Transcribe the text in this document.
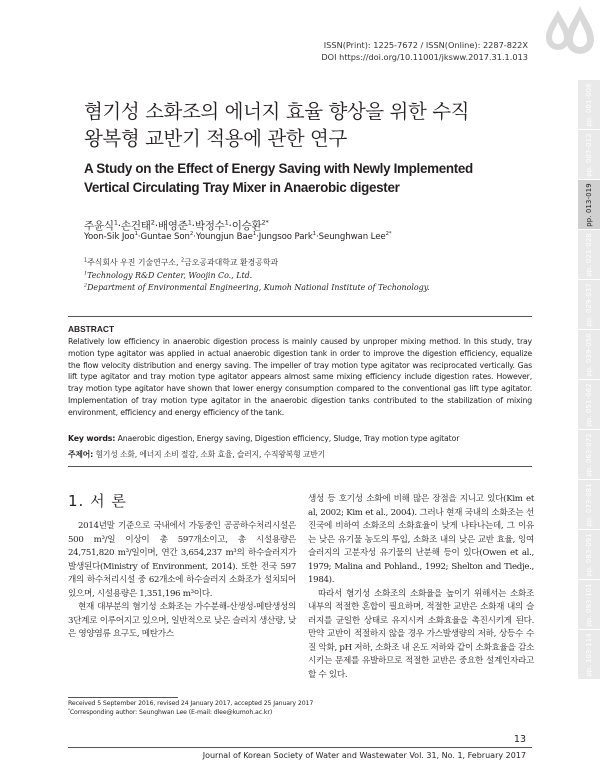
ISSN(Print): 1225-7672 / ISSN(Online): 2287-822X
DOI https://doi.org/10.11001/jksww.2017.31.1.013
pp. 001-006
pp. 007-012
pp. 013-019
pp. 021-028
pp. 029-037
pp. 039-050
pp. 051-062
pp. 063-072
pp. 073-081
pp. 083-091
pp. 093-101
pp. 103-114
혐기성 소화조의 에너지 효율 향상을 위한 수직
왕복형 교반기 적용에 관한 연구
A Study on the Effect of Energy Saving with Newly Implemented
Vertical Circulating Tray Mixer in Anaerobic digester
주윤식$^1$·손건태$^2$·배영준$^1$·박정수$^1$·이승환$^{2*}$
Yoon-Sik Joo$^1$·Guntae Son$^2$·Youngjun Bae$^1$·Jungsoo Park$^1$·Seunghwan Lee$^{2*}$
$^1$주식회사 우진 기술연구소, $^2$금오공과대학교 환경공학과
$^1$Technology R&D Center, Woojin Co., Ltd.
$^2$Department of Environmental Engineering, Kumoh National Institute of Techonology.
ABSTRACT
Relatively low efficiency in anaerobic digestion process is mainly caused by unproper mixing method. In this study, tray motion type agitator was applied in actual anaerobic digestion tank in order to improve the digestion efficiency, equalize the flow velocity distribution and energy saving. The impeller of tray motion type agitator was reciprocated vertically. Gas lift type agitator and tray motion type agitator appears almost same mixing efficiency include digestion rates. However, tray motion type agitator have shown that lower energy consumption compared to the conventional gas lift type agitator. Implementation of tray motion type agitator in the anaerobic digestion tanks contributed to the stabilization of mixing environment, efficiency and energy efficiency of the tank.
Key words: Anaerobic digestion, Energy saving, Digestion efficiency, Sludge, Tray motion type agitator
주제어: 혐기성 소화, 에너지 소비 절감, 소화 효율, 슬러지, 수직왕복형 교반기
1. 서 론

2014년말 기준으로 국내에서 가동중인 공공하수처리시설은 500 m³/일 이상이 총 597개소이고, 총 시설용량은 24,751,820 m³/일이며, 연간 3,654,237 m³의 하수슬러지가 발생된다(Ministry of Environment, 2014). 또한 전국 597개의 하수처리시설 중 62개소에 하수슬러지 소화조가 설치되어 있으며, 시설용량은 1,351,196 m³이다.

현재 대부분의 혐기성 소화조는 가수분해-산생성-메탄생성의 3단계로 이루어지고 있으며, 일반적으로 낮은 슬러지 생산량, 낮은 영양염류 요구도, 메탄가스

생성 등 호기성 소화에 비해 많은 장점을 지니고 있다(Kim et al, 2002; Kim et al., 2004). 그러나 현재 국내의 소화조는 선진국에 비하여 소화조의 소화효율이 낮게 나타나는데, 그 이유는 낮은 유기물 농도의 투입, 소화조 내의 낮은 교반 효율, 잉여슬러지의 고분자성 유기물의 난분해 등이 있다(Owen et al., 1979; Malina and Pohland., 1992; Shelton and Tiedje., 1984).

따라서 혐기성 소화조의 소화율을 높이기 위해서는 소화조 내부의 적절한 혼합이 필요하며, 적절한 교반은 소화재 내의 슬러지를 균일한 상태로 유지시켜 소화효율을 촉진시키게 된다. 만약 교반이 적절하지 않을 경우 가스발생량의 저하, 상등수 수질 악화, pH 저하, 소화조 내 온도 저하와 같이 소화효율을 감소시키는 문제를 유발하므로 적절한 교반은 중요한 설계인자라고 할 수 있다.

Received 5 September 2016, revised 24 January 2017, accepted 25 January 2017
*Corresponding author: Seunghwan Lee (E-mail: dlee@kumoh.ac.kr)
13
Journal of Korean Society of Water and Wastewater Vol. 31, No. 1, February 2017
